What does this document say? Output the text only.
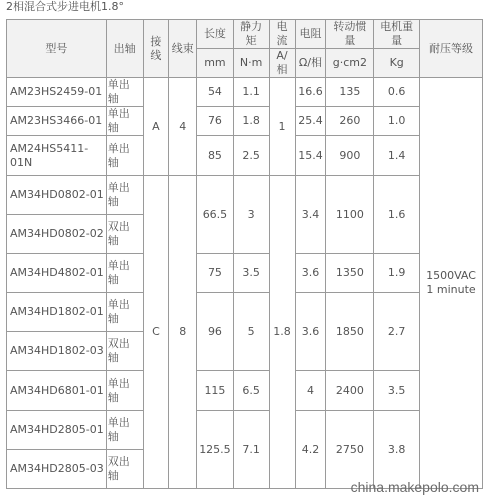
2相混合式步进电机1.8°
型号	出轴	接线	线束	长度	静力矩	电流	电阻	转动惯量	电机重量	耐压等级
				mm	N·m	A/相	Ω/相	g·cm2	Kg	
AM23HS2459-01	单出轴	A	4	54	1.1	1	16.6	135	0.6	1500VAC 1 minute
AM23HS3466-01	单出轴			76	1.8		25.4	260	1.0	
AM24HS5411-01N	单出轴			85	2.5		15.4	900	1.4	
AM34HD0802-01	单出轴	C	8	66.5	3	1.8	3.4	1100	1.6	
AM34HD0802-02	双出轴									
AM34HD4802-01	单出轴			75	3.5		3.6	1350	1.9	
AM34HD1802-01	单出轴			96	5		3.6	1850	2.7	
AM34HD1802-03	双出轴									
AM34HD6801-01	单出轴			115	6.5		4	2400	3.5	
AM34HD2805-01	单出轴			125.5	7.1		4.2	2750	3.8	
AM34HD2805-03	双出轴									
china.makepolo.com
